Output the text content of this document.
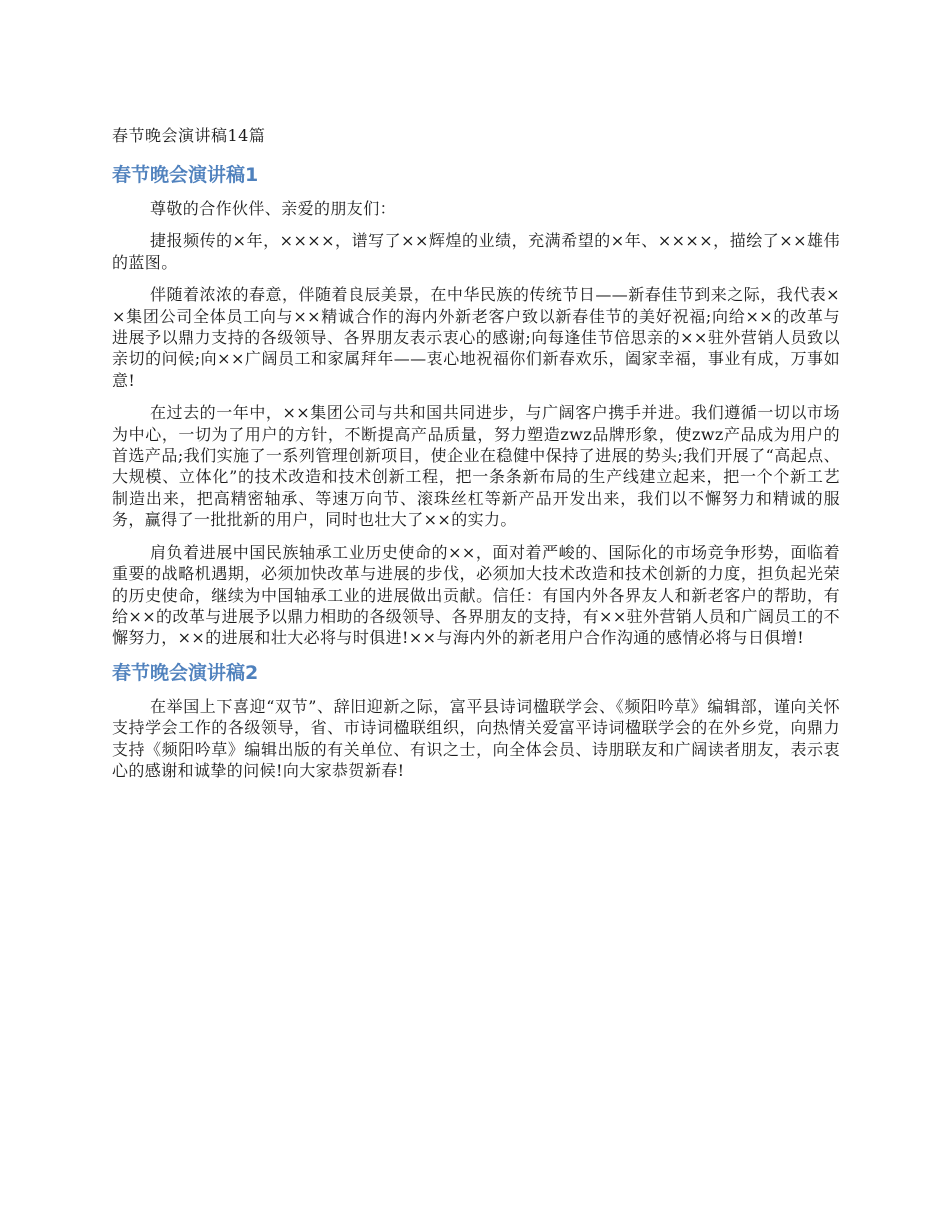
春节晚会演讲稿14篇
春节晚会演讲稿1

尊敬的合作伙伴、亲爱的朋友们：

捷报频传的×年，××××，谱写了××辉煌的业绩，充满希望的×年、××××，描绘了××雄伟的蓝图。

伴随着浓浓的春意，伴随着良辰美景，在中华民族的传统节日——新春佳节到来之际，我代表××集团公司全体员工向与××精诚合作的海内外新老客户致以新春佳节的美好祝福;向给××的改革与进展予以鼎力支持的各级领导、各界朋友表示衷心的感谢;向每逢佳节倍思亲的××驻外营销人员致以亲切的问候;向××广阔员工和家属拜年——衷心地祝福你们新春欢乐，阖家幸福，事业有成，万事如意!

在过去的一年中，××集团公司与共和国共同进步，与广阔客户携手并进。我们遵循一切以市场为中心，一切为了用户的方针，不断提高产品质量，努力塑造zwz品牌形象，使zwz产品成为用户的首选产品;我们实施了一系列管理创新项目，使企业在稳健中保持了进展的势头;我们开展了“高起点、大规模、立体化”的技术改造和技术创新工程，把一条条新布局的生产线建立起来，把一个个新工艺制造出来，把高精密轴承、等速万向节、滚珠丝杠等新产品开发出来，我们以不懈努力和精诚的服务，赢得了一批批新的用户，同时也壮大了××的实力。

肩负着进展中国民族轴承工业历史使命的××，面对着严峻的、国际化的市场竞争形势，面临着重要的战略机遇期，必须加快改革与进展的步伐，必须加大技术改造和技术创新的力度，担负起光荣的历史使命，继续为中国轴承工业的进展做出贡献。信任：有国内外各界友人和新老客户的帮助，有给××的改革与进展予以鼎力相助的各级领导、各界朋友的支持，有××驻外营销人员和广阔员工的不懈努力，××的进展和壮大必将与时俱进!××与海内外的新老用户合作沟通的感情必将与日俱增!

春节晚会演讲稿2

在举国上下喜迎“双节”、辞旧迎新之际，富平县诗词楹联学会、《频阳吟草》编辑部，谨向关怀支持学会工作的各级领导，省、市诗词楹联组织，向热情关爱富平诗词楹联学会的在外乡党，向鼎力支持《频阳吟草》编辑出版的有关单位、有识之士，向全体会员、诗朋联友和广阔读者朋友，表示衷心的感谢和诚挚的问候!向大家恭贺新春!
